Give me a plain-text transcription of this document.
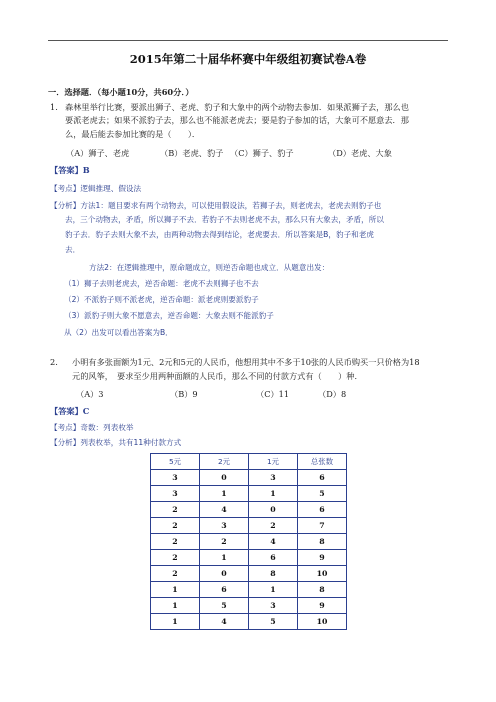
2015年第二十届华杯赛中年级组初赛试卷A卷
一．选择题．（每小题10分，共60分．）
1. 森林里举行比赛，要派出狮子、老虎、豹子和大象中的两个动物去参加．如果派狮子去，那么也
要派老虎去；如果不派豹子去，那么也不能派老虎去；要是豹子参加的话，大象可不愿意去．那
么，最后能去参加比赛的是（　　）．
（A）狮子、老虎	（B）老虎、豹子 （C）狮子、豹子	（D）老虎、大象
【答案】B
【考点】逻辑推理、假设法
【分析】方法1：题目要求有两个动物去，可以使用假设法，若狮子去，则老虎去，老虎去则豹子也
去，三个动物去，矛盾，所以狮子不去．若豹子不去则老虎不去，那么只有大象去，矛盾，所以
豹子去．豹子去则大象不去，由两种动物去得到结论，老虎要去．所以答案是B，豹子和老虎
去．
方法2：在逻辑推理中，原命题成立，则逆否命题也成立．从题意出发：
（1）狮子去则老虎去，逆否命题：老虎不去则狮子也不去
（2）不派豹子则不派老虎，逆否命题：派老虎则要派豹子
（3）派豹子则大象不愿意去，逆否命题：大象去则不能派豹子
从（2）出发可以看出答案为B．
2. 小明有多张面额为1元、2元和5元的人民币，他想用其中不多于10张的人民币购买一只价格为18
元的风筝，　要求至少用两种面额的人民币，那么不同的付款方式有（　　）种．
（A）3	（B）9	（C）11	（D）8
【答案】C
【考点】奇数：列表枚举
【分析】列表枚举，共有11种付款方式
5元	2元	1元	总张数
3	0	3	6
3	1	1	5
2	4	0	6
2	3	2	7
2	2	4	8
2	1	6	9
2	0	8	10
1	6	1	8
1	5	3	9
1	4	5	10
